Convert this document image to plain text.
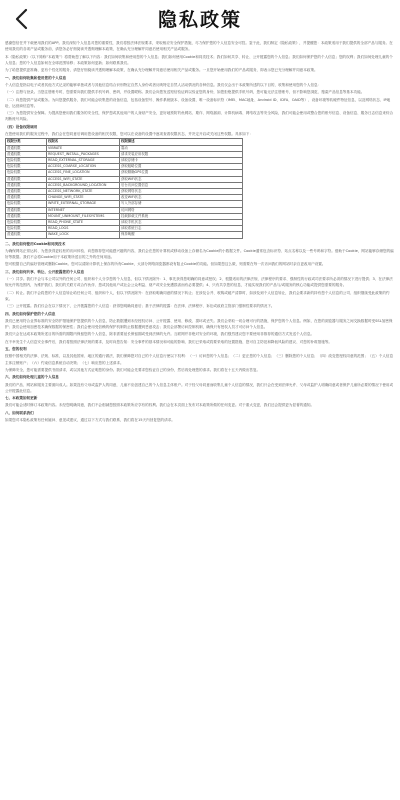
隐私政策

感谢您信任并下载使用我们的APP。我们深知个人信息对您的重要性，我们将按法律法规要求，采取相应安全保护措施，尽力保护您的个人信息安全可控。鉴于此，我们制定《隐私政策》，并提醒您：本政策适用于我们提供的全部产品与服务。在使用我们的各项产品或服务前，请您务必仔细阅读并透彻理解本政策，在确认充分理解并同意后使用相关产品或服务。

本《隐私政策》（以下简称“本政策”）将帮助您了解以下内容：我们如何收集和使用您的个人信息；我们如何使用Cookie和同类技术；我们如何共享、转让、公开披露您的个人信息；我们如何保护您的个人信息；您的权利；我们如何处理儿童的个人信息；您的个人信息如何在全球范围转移；本政策如何更新；如何联系我们。

为了给您提供更准确、更有个性化的服务，请您仔细阅读并透彻理解本政策，在确认充分理解并同意后使用相关产品或服务。一旦您开始使用我们的产品或服务，即表示您已充分理解并同意本政策。

一、我们如何收集和使用您的个人信息

个人信息是指以电子或者其他方式记录的能够单独或者与其他信息结合识别特定自然人身份或者反映特定自然人活动情况的各种信息。我们仅会出于本政策所述的以下目的，收集和使用您的个人信息：

（一）注册与登录。当您注册账号时，您需要向我们提供手机号码、密码，并设置昵称。我们会向您发送短信验证码以验证您的身份，如您拒绝提供手机号码，您可能无法注册账号，但不影响您浏览、搜索产品信息等基本功能。

（二）向您提供产品或服务。为向您提供服务，我们可能会收集您的设备信息，包括设备型号、操作系统版本、设备设置、唯一设备标识符（IMEI、MAC地址、Android ID、IDFA、OAID等）、设备环境等软硬件特征信息，以及网络状态、IP地址、运营商信息等。

（三）为您提供安全保障。为提高您使用我们服务的安全性，保护您或其他用户的人身财产安全，更好地预防钓鱼网站、欺诈、网络漏洞、计算机病毒、网络攻击等安全风险，我们可能会使用或整合您的账号信息、设备信息、服务日志信息来综合判断账号风险。

（四）设备权限调用

在您使用我们的服务过程中，我们会在您同意后调用您设备的相关权限，您可以在设备的设置中逐项查看权限状态，并决定开启或关闭这些权限。具体如下：

权限分类	权限名	权限描述
普通权限	VIBRATE	震动
普通权限	REQUEST_INSTALL_PACKAGES	请求安装应用权限
危险权限	READ_EXTERNAL_STORAGE	读取存储卡
危险权限	ACCESS_COARSE_LOCATION	获取粗略位置
危险权限	ACCESS_FINE_LOCATION	获取精确GPS位置
普通权限	ACCESS_WIFI_STATE	获取WiFi状态
普通权限	ACCESS_BACKGROUND_LOCATION	后台访问位置信息
普通权限	ACCESS_NETWORK_STATE	获取网络状态
普通权限	CHANGE_WIFI_STATE	改变WiFi状态
危险权限	WRITE_EXTERNAL_STORAGE	写入外部存储
普通权限	INTERNET	访问网络
普通权限	MOUNT_UNMOUNT_FILESYSTEMS	挂载卸载文件系统
危险权限	READ_PHONE_STATE	读取手机状态
危险权限	READ_LOGS	读取系统日志
普通权限	WAKE_LOCK	保持唤醒

二、我们如何使用Cookie和同类技术

为确保网站正常运转、为您获得更轻松的访问体验、向您推荐您可能感兴趣的内容，我们会在您的计算机或移动设备上存储名为Cookie的小数据文件。Cookie通常包含标识符、站点名称以及一些号码和字符。借助于Cookie，网站能够存储您的偏好等数据。我们不会将Cookie用于本政策所述目的之外的任何用途。

您可根据自己的偏好管理或删除Cookie。您可以清除计算机上保存的所有Cookie，大部分网络浏览器都设有阻止Cookie的功能。但如果您这么做，则需要在每一次访问我们的网站时亲自更改用户设置。

三、我们如何共享、转让、公开披露您的个人信息

（一）共享。我们不会与本公司以外的任何公司、组织和个人分享您的个人信息，但以下情况除外：1、事先获得您明确的同意或授权；2、根据适用的法律法规、法律程序的要求、强制性的行政或司法要求所必须的情况下进行提供；3、在法律法规允许的范围内，为维护我们、我们的关联方或合作伙伴、您或其他用户或社会公众利益、财产或安全免遭损害而有必要提供；4、只有共享您的信息，才能实现我们的产品与/或服务的核心功能或提供您需要的服务。

（二）转让。我们不会将您的个人信息转让给任何公司、组织和个人，但以下情况除外：在获取明确同意的情况下转让；在涉及合并、收购或破产清算时，如涉及到个人信息转让，我们会要求新的持有您个人信息的公司、组织继续受此政策的约束。

（三）公开披露。我们仅会在以下情况下，公开披露您的个人信息：获得您明确同意后；基于法律的披露：在法律、法律程序、诉讼或政府主管部门强制性要求的情况下。

四、我们如何保护您的个人信息

我们已使用符合业界标准的安全防护措施保护您提供的个人信息，防止数据遭到未经授权访问、公开披露、使用、修改、损坏或丢失。我们会采取一切合理可行的措施，保护您的个人信息。例如，在您的浏览器与服务之间交换数据时受SSL加密保护；我们会使用加密技术确保数据的保密性；我们会使用受信赖的保护机制防止数据遭到恶意攻击；我们会部署访问控制机制，确保只有授权人员才可访问个人信息。

我们只会在达成本政策所述目的所需的期限内保留您的个人信息，除非需要延长保留期或受到法律的允许。互联网并非绝对安全的环境，我们强烈建议您不要使用非推荐的通信方式发送个人信息。

在不幸发生个人信息安全事件后，我们将按照法律法规的要求，及时向您告知：安全事件的基本情况和可能的影响、我们已采取或将要采取的处置措施、您可自主防范和降低风险的建议、对您的补救措施等。

五、您的权利

按照中国相关的法律、法规、标准，以及其他国家、地区的通行做法，我们保障您对自己的个人信息行使以下权利：（一）访问您的个人信息；（二）更正您的个人信息；（三）删除您的个人信息；（四）改变您授权同意的范围；（五）个人信息主体注销账户；（六）约束信息系统自动决策；（七）响应您的上述请求。

为保障安全，您可能需要提供书面请求，或以其他方式证明您的身份。我们可能会先要求您验证自己的身份，然后再处理您的请求。我们将在十五天内做出答复。

六、我们如何处理儿童的个人信息

我们的产品、网站和服务主要面向成人。如果没有父母或监护人的同意，儿童不应创建自己的个人信息主体账户。对于经父母同意而收集儿童个人信息的情况，我们只会在受到法律允许、父母或监护人明确同意或者保护儿童所必要的情况下使用或公开披露此信息。

七、本政策如何更新

我们可能会适时修订本政策内容。未经您明确同意，我们不会削减您按照本政策所应享有的权利。我们会在本页面上发布对本政策所做的任何变更。对于重大变更，我们还会提供更为显著的通知。

八、如何联系我们

如果您对本隐私政策有任何疑问、意见或建议，通过以下方式与我们联系，我们将在15天内回复您的请求。
